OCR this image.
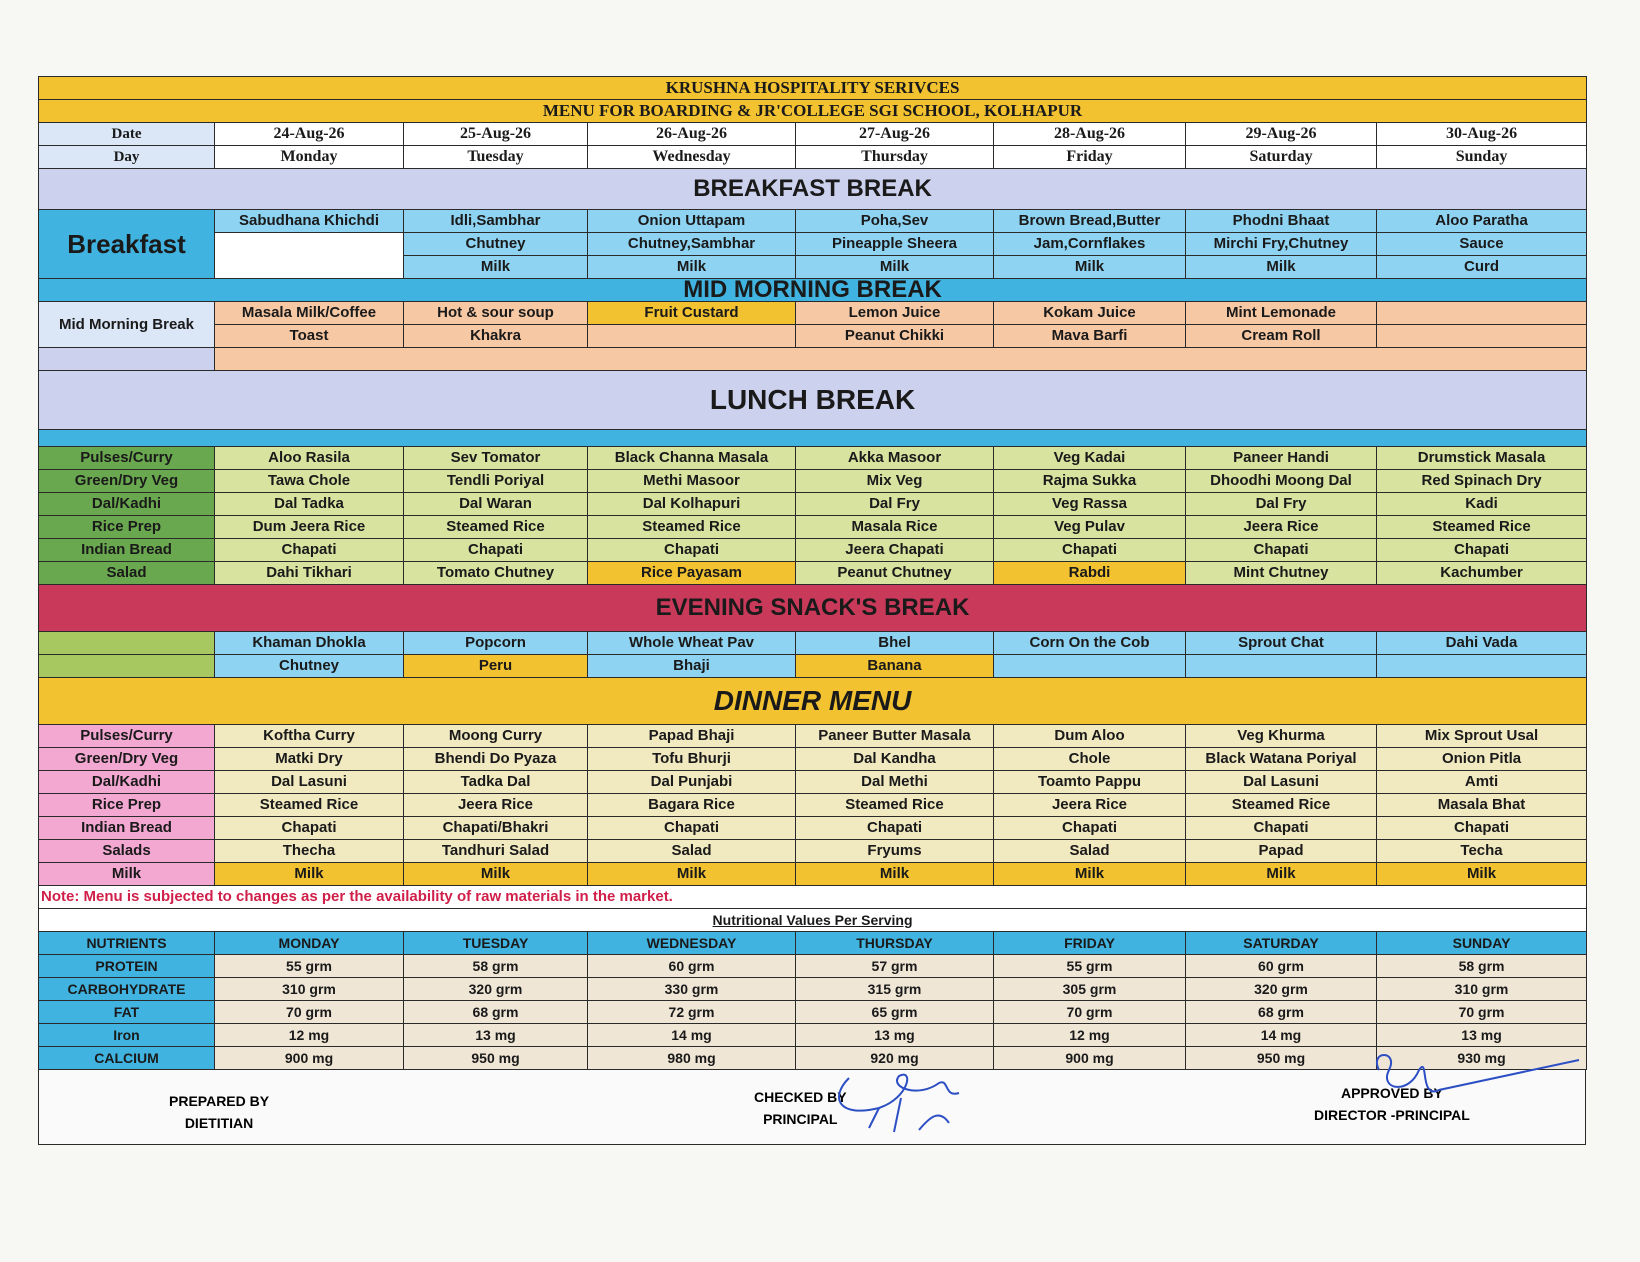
KRUSHNA HOSPITALITY SERIVCES							
MENU FOR BOARDING & JR'COLLEGE SGI SCHOOL, KOLHAPUR							
Date	24-Aug-26	25-Aug-26	26-Aug-26	27-Aug-26	28-Aug-26	29-Aug-26	30-Aug-26
Day	Monday	Tuesday	Wednesday	Thursday	Friday	Saturday	Sunday
BREAKFAST BREAK							
Breakfast	Sabudhana Khichdi	Idli,Sambhar	Onion Uttapam	Poha,Sev	Brown Bread,Butter	Phodni Bhaat	Aloo Paratha
		Chutney	Chutney,Sambhar	Pineapple Sheera	Jam,Cornflakes	Mirchi Fry,Chutney	Sauce
		Milk	Milk	Milk	Milk	Milk	Curd
MID MORNING BREAK							
Mid Morning Break	Masala Milk/Coffee	Hot & sour soup	Fruit Custard	Lemon Juice	Kokam Juice	Mint Lemonade	
	Toast	Khakra		Peanut Chikki	Mava Barfi	Cream Roll	

LUNCH BREAK							

Pulses/Curry	Aloo Rasila	Sev Tomator	Black Channa Masala	Akka Masoor	Veg Kadai	Paneer Handi	Drumstick Masala
Green/Dry Veg	Tawa Chole	Tendli Poriyal	Methi Masoor	Mix Veg	Rajma Sukka	Dhoodhi Moong Dal	Red Spinach Dry
Dal/Kadhi	Dal Tadka	Dal Waran	Dal Kolhapuri	Dal Fry	Veg Rassa	Dal Fry	Kadi
Rice Prep	Dum Jeera Rice	Steamed Rice	Steamed Rice	Masala Rice	Veg Pulav	Jeera Rice	Steamed Rice
Indian Bread	Chapati	Chapati	Chapati	Jeera Chapati	Chapati	Chapati	Chapati
Salad	Dahi Tikhari	Tomato Chutney	Rice Payasam	Peanut Chutney	Rabdi	Mint Chutney	Kachumber
EVENING SNACK'S BREAK							
	Khaman Dhokla	Popcorn	Whole Wheat Pav	Bhel	Corn On the Cob	Sprout Chat	Dahi Vada
	Chutney	Peru	Bhaji	Banana			
DINNER MENU							
Pulses/Curry	Koftha Curry	Moong Curry	Papad Bhaji	Paneer Butter Masala	Dum Aloo	Veg Khurma	Mix Sprout Usal
Green/Dry Veg	Matki Dry	Bhendi Do Pyaza	Tofu Bhurji	Dal Kandha	Chole	Black Watana Poriyal	Onion Pitla
Dal/Kadhi	Dal Lasuni	Tadka Dal	Dal Punjabi	Dal Methi	Toamto Pappu	Dal Lasuni	Amti
Rice Prep	Steamed Rice	Jeera Rice	Bagara Rice	Steamed Rice	Jeera Rice	Steamed Rice	Masala Bhat
Indian Bread	Chapati	Chapati/Bhakri	Chapati	Chapati	Chapati	Chapati	Chapati
Salads	Thecha	Tandhuri Salad	Salad	Fryums	Salad	Papad	Techa
Milk	Milk	Milk	Milk	Milk	Milk	Milk	Milk
Note: Menu is subjected to changes as per the availability of raw materials in the market.							
Nutritional Values Per Serving							
NUTRIENTS	MONDAY	TUESDAY	WEDNESDAY	THURSDAY	FRIDAY	SATURDAY	SUNDAY
PROTEIN	55 grm	58 grm	60 grm	57 grm	55 grm	60 grm	58 grm
CARBOHYDRATE	310 grm	320 grm	330 grm	315 grm	305 grm	320 grm	310 grm
FAT	70 grm	68 grm	72 grm	65 grm	70 grm	68 grm	70 grm
Iron	12 mg	13 mg	14 mg	13 mg	12 mg	14 mg	13 mg
CALCIUM	900 mg	950 mg	980 mg	920 mg	900 mg	950 mg	930 mg
PREPARED BY
DIETITIAN
CHECKED BY
PRINCIPAL
APPROVED BY
DIRECTOR -PRINCIPAL
